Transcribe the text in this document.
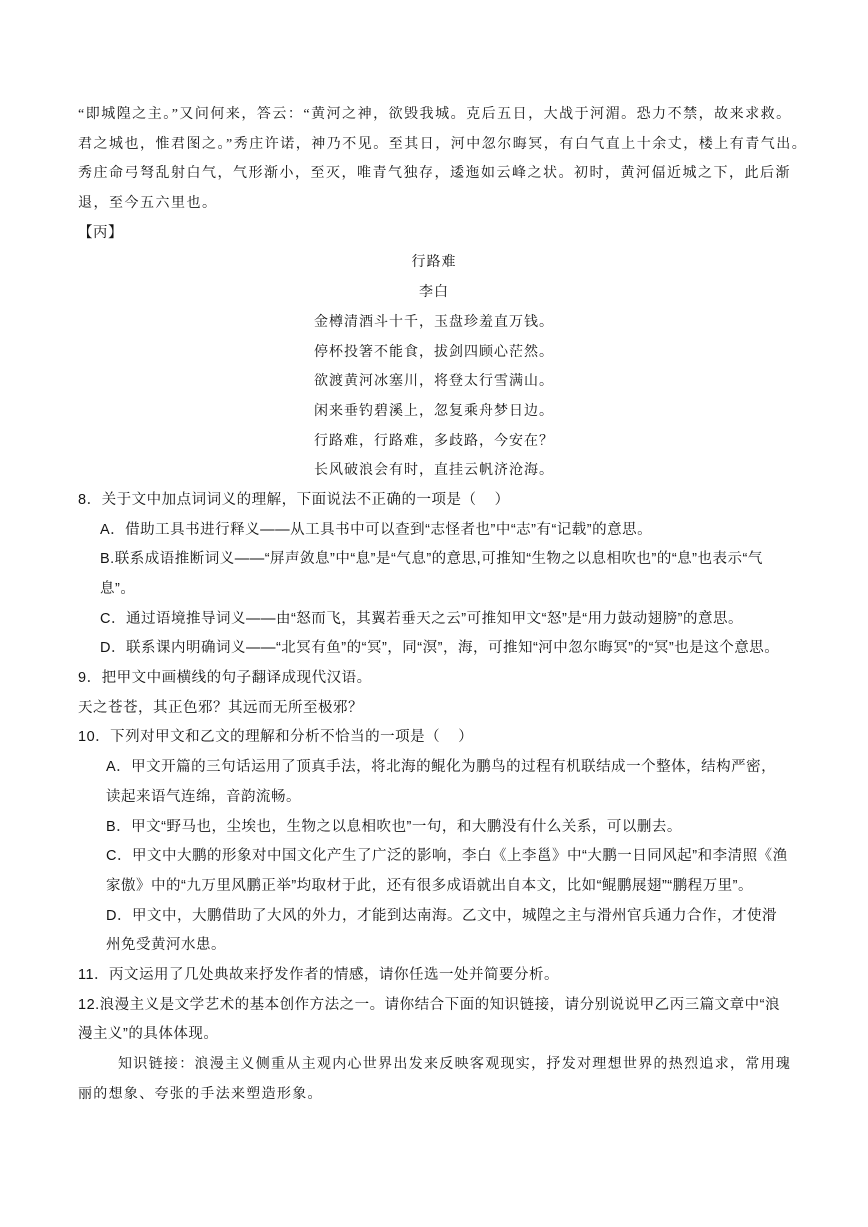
“即城隍之主。”又问何来，答云：“黄河之神，欲毁我城。克后五日，大战于河湄。恐力不禁，故来求救。
君之城也，惟君图之。”秀庄许诺，神乃不见。至其日，河中忽尔晦冥，有白气直上十余丈，楼上有青气出。
秀庄命弓弩乱射白气，气形渐小，至灭，唯青气独存，逶迤如云峰之状。初时，黄河偪近城之下，此后渐
退，至今五六里也。
【丙】
行路难
李白
金樽清酒斗十千，玉盘珍羞直万钱。
停杯投箸不能食，拔剑四顾心茫然。
欲渡黄河冰塞川，将登太行雪满山。
闲来垂钓碧溪上，忽复乘舟梦日边。
行路难，行路难，多歧路，今安在？
长风破浪会有时，直挂云帆济沧海。
8．关于文中加点词词义的理解，下面说法不正确的一项是（    ）
A．借助工具书进行释义——从工具书中可以查到“志怪者也”中“志”有“记载”的意思。
B.联系成语推断词义——“屏声敛息”中“息”是“气息”的意思,可推知“生物之以息相吹也”的“息”也表示“气
息”。
C．通过语境推导词义——由“怒而飞，其翼若垂天之云”可推知甲文“怒”是“用力鼓动翅膀”的意思。
D．联系课内明确词义——“北冥有鱼”的“冥”，同“溟”，海，可推知“河中忽尔晦冥”的“冥”也是这个意思。
9．把甲文中画横线的句子翻译成现代汉语。
天之苍苍，其正色邪？其远而无所至极邪？
10．下列对甲文和乙文的理解和分析不恰当的一项是（    ）
A．甲文开篇的三句话运用了顶真手法，将北海的鲲化为鹏鸟的过程有机联结成一个整体，结构严密，
读起来语气连绵，音韵流畅。
B．甲文“野马也，尘埃也，生物之以息相吹也”一句，和大鹏没有什么关系，可以删去。
C．甲文中大鹏的形象对中国文化产生了广泛的影响，李白《上李邕》中“大鹏一日同风起”和李清照《渔
家傲》中的“九万里风鹏正举”均取材于此，还有很多成语就出自本文，比如“鲲鹏展翅”“鹏程万里”。
D．甲文中，大鹏借助了大风的外力，才能到达南海。乙文中，城隍之主与滑州官兵通力合作，才使滑
州免受黄河水患。
11．丙文运用了几处典故来抒发作者的情感，请你任选一处并简要分析。
12.浪漫主义是文学艺术的基本创作方法之一。请你结合下面的知识链接，请分别说说甲乙丙三篇文章中“浪
漫主义”的具体体现。
知识链接：浪漫主义侧重从主观内心世界出发来反映客观现实，抒发对理想世界的热烈追求，常用瑰
丽的想象、夸张的手法来塑造形象。
